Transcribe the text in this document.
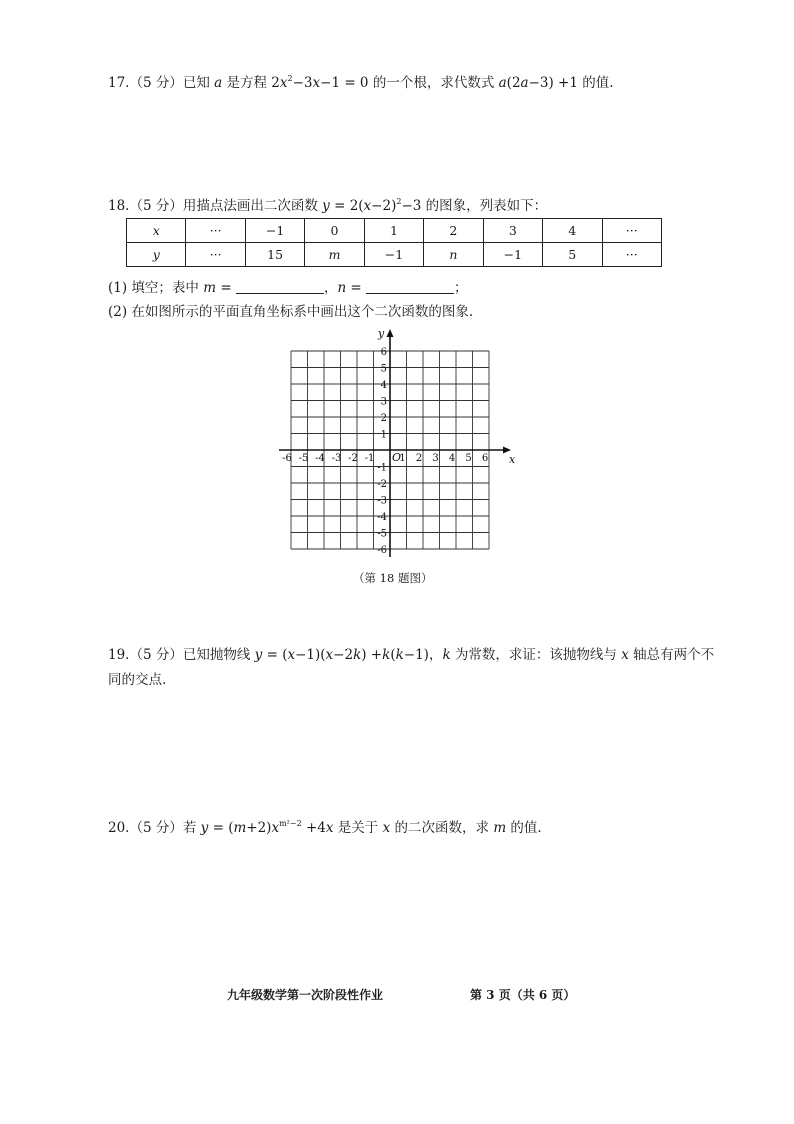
17.（5 分）已知 a 是方程 $2x^2-3x-1 = 0$ 的一个根，求代数式 a(2a−3) +1 的值.
18.（5 分）用描点法画出二次函数 $y = 2(x-2)^2-3$ 的图象，列表如下：
x	···	−1	0	1	2	3	4	···
y	···	15	m	−1	n	−1	5	···
(1) 填空；表中 m =	，n =	；
(2) 在如图所示的平面直角坐标系中画出这个二次函数的图象.
-6 -5 -4 -3 -2 -1 1 2 3 4 5 6
6
5
4
3
2
1
-1
-2
-3
-4
-5
-6
O	x
y
（第 18 题图）
19.（5 分）已知抛物线 y = (x−1)(x−2k) +k(k−1)，k 为常数，求证：该抛物线与 x 轴总有两个不
同的交点.
20.（5 分）若 $y = (m+2)x^{m^2-2} +4x$ 是关于 x 的二次函数，求 m 的值.
九年级数学第一次阶段性作业	第 3 页（共 6 页）
